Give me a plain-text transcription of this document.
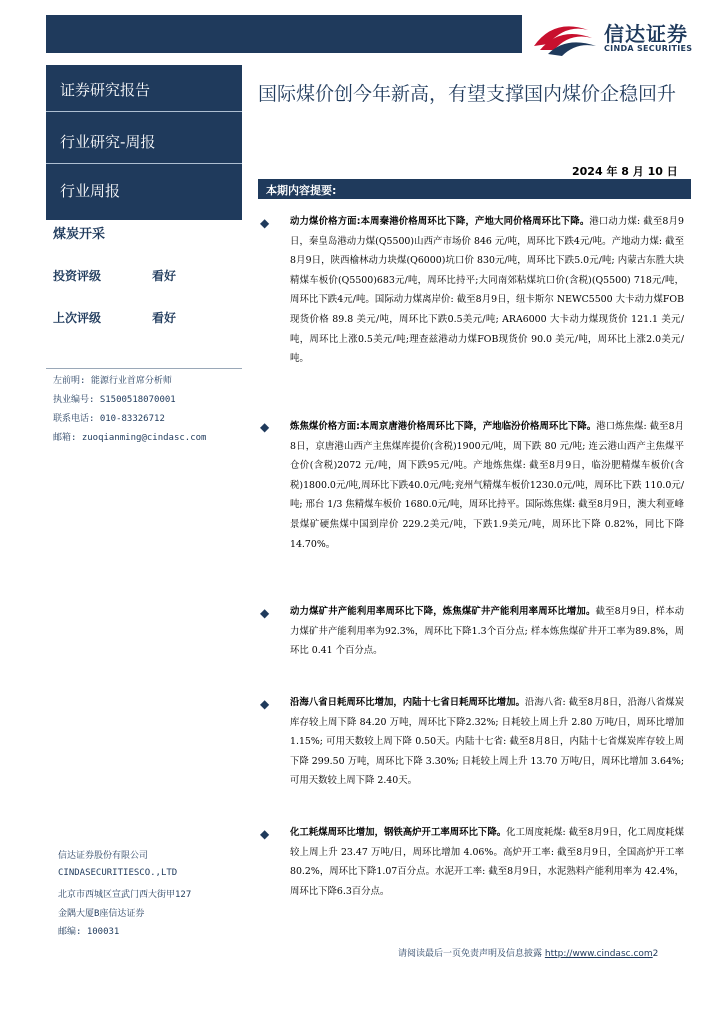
信达证券
CINDA SECURITIES
证券研究报告
行业研究-周报
行业周报
煤炭开采
投资评级	看好
上次评级	看好
左前明: 能源行业首席分析师
执业编号: S1500518070001
联系电话: 010-83326712
邮箱: zuoqianming@cindasc.com
信达证券股份有限公司
CINDASECURITIESCO.,LTD
北京市西城区宣武门西大街甲127
金隅大厦B座信达证券
邮编: 100031
国际煤价创今年新高，有望支撑国内煤价企稳回升
2024 年 8 月 10 日
本期内容提要:
◆ 动力煤价格方面:本周秦港价格周环比下降，产地大同价格周环比下降。港口动力煤: 截至8月9日，秦皇岛港动力煤(Q5500)山西产市场价 846 元/吨，周环比下跌4元/吨。产地动力煤: 截至8月9日，陕西榆林动力块煤(Q6000)坑口价 830元/吨，周环比下跌5.0元/吨; 内蒙古东胜大块精煤车板价(Q5500)683元/吨，周环比持平;大同南郊粘煤坑口价(含税)(Q5500) 718元/吨，周环比下跌4元/吨。国际动力煤离岸价: 截至8月9日，纽卡斯尔 NEWC5500 大卡动力煤FOB现货价格 89.8 美元/吨，周环比下跌0.5美元/吨; ARA6000 大卡动力煤现货价 121.1 美元/吨，周环比上涨0.5美元/吨;理查兹港动力煤FOB现货价 90.0 美元/吨，周环比上涨2.0美元/吨。
◆ 炼焦煤价格方面:本周京唐港价格周环比下降，产地临汾价格周环比下降。港口炼焦煤: 截至8月8日，京唐港山西产主焦煤库提价(含税)1900元/吨，周下跌 80 元/吨; 连云港山西产主焦煤平仓价(含税)2072 元/吨，周下跌95元/吨。产地炼焦煤: 截至8月9日，临汾肥精煤车板价(含税)1800.0元/吨,周环比下跌40.0元/吨;兖州气精煤车板价1230.0元/吨，周环比下跌 110.0元/吨; 邢台 1/3 焦精煤车板价 1680.0元/吨，周环比持平。国际炼焦煤: 截至8月9日，澳大利亚峰景煤矿硬焦煤中国到岸价 229.2美元/吨，下跌1.9美元/吨，周环比下降 0.82%，同比下降 14.70%。
◆ 动力煤矿井产能利用率周环比下降，炼焦煤矿井产能利用率周环比增加。截至8月9日，样本动力煤矿井产能利用率为92.3%，周环比下降1.3个百分点; 样本炼焦煤矿井开工率为89.8%，周环比 0.41 个百分点。
◆ 沿海八省日耗周环比增加，内陆十七省日耗周环比增加。沿海八省: 截至8月8日，沿海八省煤炭库存较上周下降 84.20 万吨，周环比下降2.32%; 日耗较上周上升 2.80 万吨/日，周环比增加 1.15%; 可用天数较上周下降 0.50天。内陆十七省: 截至8月8日，内陆十七省煤炭库存较上周下降 299.50 万吨，周环比下降 3.30%; 日耗较上周上升 13.70 万吨/日，周环比增加 3.64%; 可用天数较上周下降 2.40天。
◆ 化工耗煤周环比增加，钢铁高炉开工率周环比下降。化工周度耗煤: 截至8月9日，化工周度耗煤较上周上升 23.47 万吨/日，周环比增加 4.06%。高炉开工率: 截至8月9日，全国高炉开工率 80.2%，周环比下降1.07百分点。水泥开工率: 截至8月9日，水泥熟料产能利用率为 42.4%，周环比下降6.3百分点。
请阅读最后一页免责声明及信息披露 http://www.cindasc.com2
